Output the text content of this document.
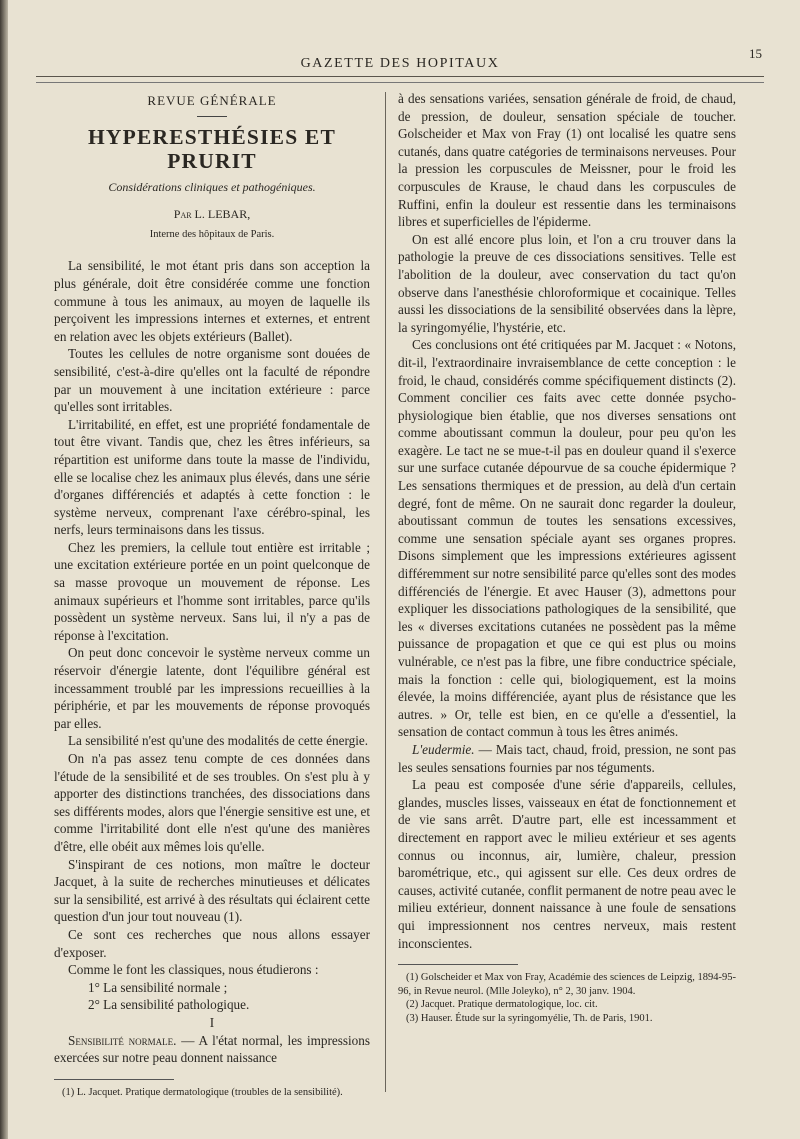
GAZETTE DES HOPITAUX
15
REVUE GÉNÉRALE
HYPERESTHÉSIES ET PRURIT
Considérations cliniques et pathogéniques.
Par L. LEBAR,
Interne des hôpitaux de Paris.

La sensibilité, le mot étant pris dans son acception la plus générale, doit être considérée comme une fonction commune à tous les animaux, au moyen de laquelle ils perçoivent les impressions internes et externes, et entrent en relation avec les objets extérieurs (Ballet).

Toutes les cellules de notre organisme sont douées de sensibilité, c'est-à-dire qu'elles ont la faculté de répondre par un mouvement à une incitation extérieure : parce qu'elles sont irritables.

L'irritabilité, en effet, est une propriété fondamentale de tout être vivant. Tandis que, chez les êtres inférieurs, sa répartition est uniforme dans toute la masse de l'individu, elle se localise chez les animaux plus élevés, dans une série d'organes différenciés et adaptés à cette fonction : le système nerveux, comprenant l'axe cérébro-spinal, les nerfs, leurs terminaisons dans les tissus.

Chez les premiers, la cellule tout entière est irritable ; une excitation extérieure portée en un point quelconque de sa masse provoque un mouvement de réponse. Les animaux supérieurs et l'homme sont irritables, parce qu'ils possèdent un système nerveux. Sans lui, il n'y a pas de réponse à l'excitation.

On peut donc concevoir le système nerveux comme un réservoir d'énergie latente, dont l'équilibre général est incessamment troublé par les impressions recueillies à la périphérie, et par les mouvements de réponse provoqués par elles.

La sensibilité n'est qu'une des modalités de cette énergie.

On n'a pas assez tenu compte de ces données dans l'étude de la sensibilité et de ses troubles. On s'est plu à y apporter des distinctions tranchées, des dissociations dans ses différents modes, alors que l'énergie sensitive est une, et comme l'irritabilité dont elle n'est qu'une des manières d'être, elle obéit aux mêmes lois qu'elle.

S'inspirant de ces notions, mon maître le docteur Jacquet, à la suite de recherches minutieuses et délicates sur la sensibilité, est arrivé à des résultats qui éclairent cette question d'un jour tout nouveau (1).

Ce sont ces recherches que nous allons essayer d'exposer.

Comme le font les classiques, nous étudierons :

1° La sensibilité normale ;

2° La sensibilité pathologique.

I

Sensibilité normale. — A l'état normal, les impressions exercées sur notre peau donnent naissance

(1) L. Jacquet. Pratique dermatologique (troubles de la sensibilité).

à des sensations variées, sensation générale de froid, de chaud, de pression, de douleur, sensation spéciale de toucher. Golscheider et Max von Fray (1) ont localisé les quatre sens cutanés, dans quatre catégories de terminaisons nerveuses. Pour la pression les corpuscules de Meissner, pour le froid les corpuscules de Krause, le chaud dans les corpuscules de Ruffini, enfin la douleur est ressentie dans les terminaisons libres et superficielles de l'épiderme.

On est allé encore plus loin, et l'on a cru trouver dans la pathologie la preuve de ces dissociations sensitives. Telle est l'abolition de la douleur, avec conservation du tact qu'on observe dans l'anesthésie chloroformique et cocainique. Telles aussi les dissociations de la sensibilité observées dans la lèpre, la syringomyélie, l'hystérie, etc.

Ces conclusions ont été critiquées par M. Jacquet : « Notons, dit-il, l'extraordinaire invraisemblance de cette conception : le froid, le chaud, considérés comme spécifiquement distincts (2). Comment concilier ces faits avec cette donnée psycho-physiologique bien établie, que nos diverses sensations ont comme aboutissant commun la douleur, pour peu qu'on les exagère. Le tact ne se mue-t-il pas en douleur quand il s'exerce sur une surface cutanée dépourvue de sa couche épidermique ? Les sensations thermiques et de pression, au delà d'un certain degré, font de même. On ne saurait donc regarder la douleur, aboutissant commun de toutes les sensations excessives, comme une sensation spéciale ayant ses organes propres. Disons simplement que les impressions extérieures agissent différemment sur notre sensibilité parce qu'elles sont des modes différenciés de l'énergie. Et avec Hauser (3), admettons pour expliquer les dissociations pathologiques de la sensibilité, que les « diverses excitations cutanées ne possèdent pas la même puissance de propagation et que ce qui est plus ou moins vulnérable, ce n'est pas la fibre, une fibre conductrice spéciale, mais la fonction : celle qui, biologiquement, est la moins élevée, la moins différenciée, ayant plus de résistance que les autres. » Or, telle est bien, en ce qu'elle a d'essentiel, la sensation de contact commun à tous les êtres animés.

L'eudermie. — Mais tact, chaud, froid, pression, ne sont pas les seules sensations fournies par nos téguments.

La peau est composée d'une série d'appareils, cellules, glandes, muscles lisses, vaisseaux en état de fonctionnement et de vie sans arrêt. D'autre part, elle est incessamment et directement en rapport avec le milieu extérieur et ses agents connus ou inconnus, air, lumière, chaleur, pression barométrique, etc., qui agissent sur elle. Ces deux ordres de causes, activité cutanée, conflit permanent de notre peau avec le milieu extérieur, donnent naissance à une foule de sensations qui impressionnent nos centres nerveux, mais restent inconscientes.

(1) Golscheider et Max von Fray, Académie des sciences de Leipzig, 1894-95-96, in Revue neurol. (Mlle Joleyko), n° 2, 30 janv. 1904.

(2) Jacquet. Pratique dermatologique, loc. cit.

(3) Hauser. Étude sur la syringomyélie, Th. de Paris, 1901.
